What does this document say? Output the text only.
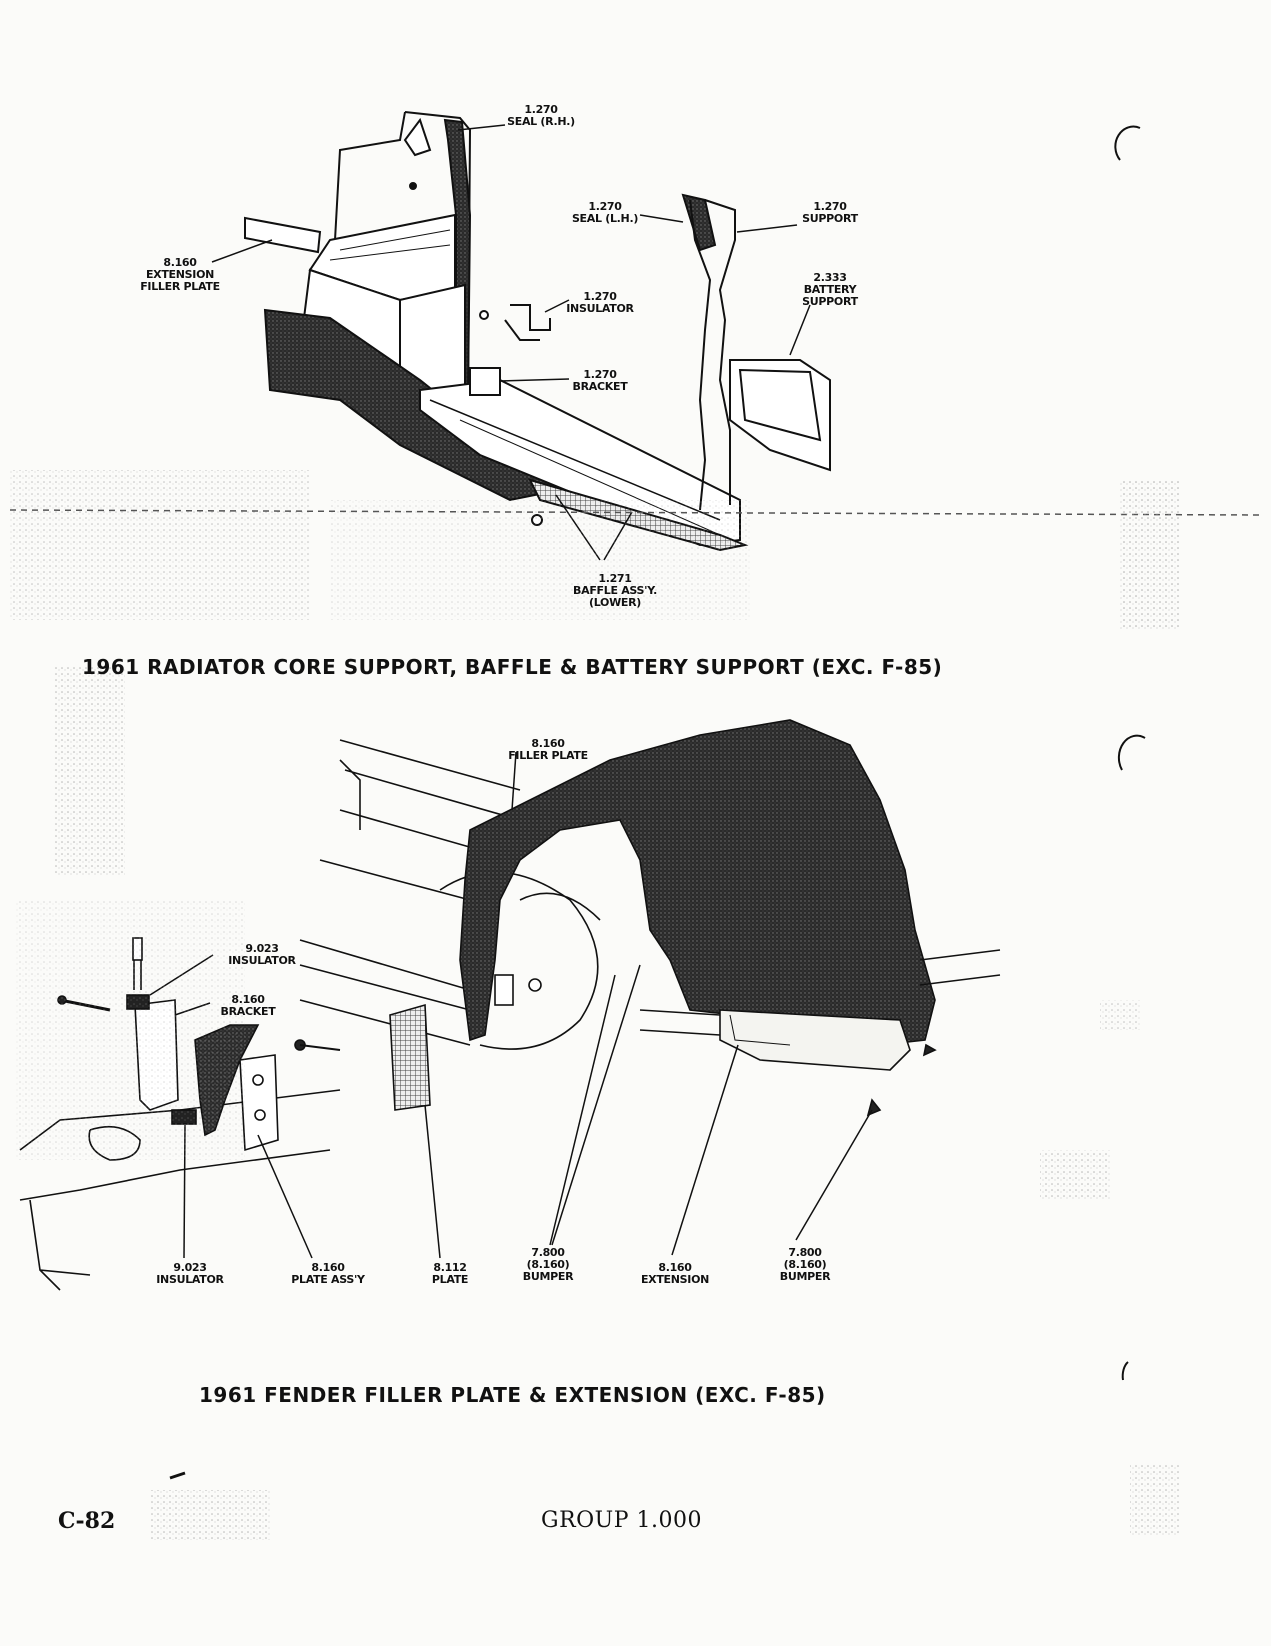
1.270
SEAL (R.H.)
1.270
SEAL (L.H.)
1.270
SUPPORT
8.160
EXTENSION
FILLER PLATE
1.270
INSULATOR
2.333
BATTERY
SUPPORT
1.270
BRACKET
1.271
BAFFLE ASS'Y.
(LOWER)
1961 RADIATOR CORE SUPPORT, BAFFLE & BATTERY SUPPORT (EXC. F-85)
8.160
FILLER PLATE
9.023
INSULATOR
8.160
BRACKET
9.023
INSULATOR
8.160
PLATE ASS'Y
8.112
PLATE
7.800
(8.160)
BUMPER
8.160
EXTENSION
7.800
(8.160)
BUMPER
1961 FENDER FILLER PLATE & EXTENSION (EXC. F-85)
C-82	GROUP 1.000
